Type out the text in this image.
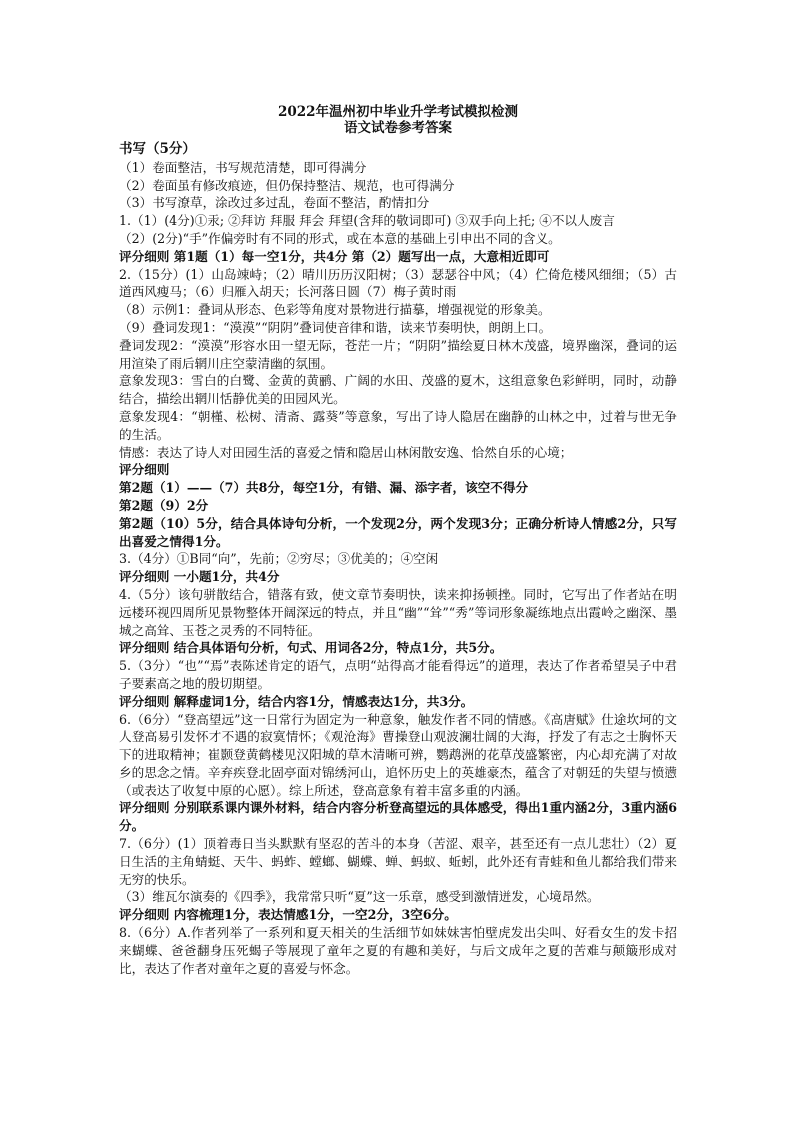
2022年温州初中毕业升学考试模拟检测

语文试卷参考答案

书写（5分）

（1）卷面整洁，书写规范清楚，即可得满分

（2）卷面虽有修改痕迹，但仍保持整洁、规范，也可得满分

（3）书写潦草，涂改过多过乱，卷面不整洁，酌情扣分

1.（1）(4分)①汞; ②拜访 拜服 拜会 拜望(含拜的敬词即可) ③双手向上托; ④不以人废言

（2）(2分)“手”作偏旁时有不同的形式，或在本意的基础上引申出不同的含义。

评分细则 第1题（1）每一空1分，共4分 第（2）题写出一点，大意相近即可

2.（15分）(1）山岛竦峙；（2）晴川历历汉阳树；（3）瑟瑟谷中风；（4）伫倚危楼风细细；（5）古道西风瘦马；（6）归雁入胡天；长河落日圆（7）梅子黄时雨

（8）示例1：叠词从形态、色彩等角度对景物进行描摹，增强视觉的形象美。

（9）叠词发现1：“漠漠”“阴阴”叠词使音律和谐，读来节奏明快，朗朗上口。

叠词发现2：“漠漠”形容水田一望无际，苍茫一片；“阴阴”描绘夏日林木茂盛，境界幽深，叠词的运用渲染了雨后辋川庄空蒙清幽的氛围。

意象发现3：雪白的白鹭、金黄的黄鹂、广阔的水田、茂盛的夏木，这组意象色彩鲜明，同时，动静结合，描绘出辋川恬静优美的田园风光。

意象发现4：“朝槿、松树、清斋、露葵”等意象，写出了诗人隐居在幽静的山林之中，过着与世无争的生活。

情感：表达了诗人对田园生活的喜爱之情和隐居山林闲散安逸、恰然自乐的心境；

评分细则

第2题（1）——（7）共8分，每空1分，有错、漏、添字者，该空不得分

第2题（9）2分

第2题（10）5分，结合具体诗句分析，一个发现2分，两个发现3分；正确分析诗人情感2分，只写出喜爱之情得1分。

3.（4分）①B同“向”，先前；②穷尽；③优美的；④空闲

评分细则 一小题1分，共4分

4.（5分）该句骈散结合，错落有致，使文章节奏明快，读来抑扬顿挫。同时，它写出了作者站在明远楼环视四周所见景物整体开阔深远的特点，并且“幽”“耸”“秀”等词形象凝练地点出霞岭之幽深、墨城之高耸、玉苍之灵秀的不同特征。

评分细则 结合具体语句分析，句式、用词各2分，特点1分，共5分。

5.（3分）“也”“焉”表陈述肯定的语气，点明“站得高才能看得远”的道理，表达了作者希望吴子中君子要素高之地的殷切期望。

评分细则 解释虚词1分，结合内容1分，情感表达1分，共3分。

6.（6分）“登高望远”这一日常行为固定为一种意象，触发作者不同的情感。《高唐赋》仕途坎坷的文人登高易引发怀才不遇的寂寞情怀；《观沧海》曹操登山观波澜壮阔的大海，抒发了有志之士胸怀天下的进取精神；崔颢登黄鹤楼见汉阳城的草木清晰可辨，鹦鹉洲的花草茂盛繁密，内心却充满了对故乡的思念之情。辛弃疾登北固亭面对锦绣河山，追怀历史上的英雄豪杰，蕴含了对朝廷的失望与愤懑（或表达了收复中原的心愿）。综上所述，登高意象有着丰富多重的内涵。

评分细则 分别联系课内课外材料，结合内容分析登高望远的具体感受，得出1重内涵2分，3重内涵6分。

7.（6分）(1）顶着毒日当头默默有坚忍的苦斗的本身（苦涩、艰辛，甚至还有一点儿悲壮）（2）夏日生活的主角蜻蜓、天牛、蚂蚱、螳螂、蝴蝶、蝉、蚂蚁、蚯蚓，此外还有青蛙和鱼儿都给我们带来无穷的快乐。

（3）维瓦尔演奏的《四季》，我常常只听“夏”这一乐章，感受到激情迸发，心境昂然。

评分细则 内容梳理1分，表达情感1分，一空2分，3空6分。

8.（6分）A.作者列举了一系列和夏天相关的生活细节如妹妹害怕壁虎发出尖叫、好看女生的发卡招来蝴蝶、爸爸翻身压死蝎子等展现了童年之夏的有趣和美好，与后文成年之夏的苦难与颠簸形成对比，表达了作者对童年之夏的喜爱与怀念。
